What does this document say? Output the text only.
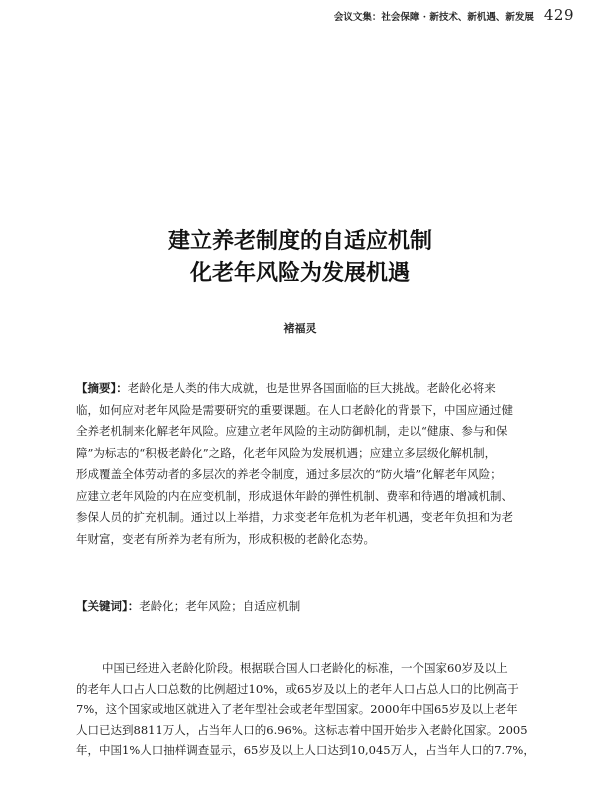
会议文集：社会保障 · 新技术、新机遇、新发展 429
建立养老制度的自适应机制
化老年风险为发展机遇
褚福灵
【摘要】：老龄化是人类的伟大成就，也是世界各国面临的巨大挑战。老龄化必将来
临，如何应对老年风险是需要研究的重要课题。在人口老龄化的背景下，中国应通过健
全养老机制来化解老年风险。应建立老年风险的主动防御机制，走以“健康、参与和保
障”为标志的“积极老龄化”之路，化老年风险为发展机遇；应建立多层级化解机制，
形成覆盖全体劳动者的多层次的养老令制度，通过多层次的“防火墙”化解老年风险；
应建立老年风险的内在应变机制，形成退休年龄的弹性机制、费率和待遇的增减机制、
参保人员的扩充机制。通过以上举措，力求变老年危机为老年机遇，变老年负担和为老
年财富，变老有所养为老有所为，形成积极的老龄化态势。
【关键词】：老龄化；老年风险；自适应机制
中国已经进入老龄化阶段。根据联合国人口老龄化的标准，一个国家60岁及以上
的老年人口占人口总数的比例超过10%，或65岁及以上的老年人口占总人口的比例高于
7%，这个国家或地区就进入了老年型社会或老年型国家。2000年中国65岁及以上老年
人口已达到8811万人，占当年人口的6.96%。这标志着中国开始步入老龄化国家。2005
年，中国1%人口抽样调查显示，65岁及以上人口达到10,045万人，占当年人口的7.7%，
